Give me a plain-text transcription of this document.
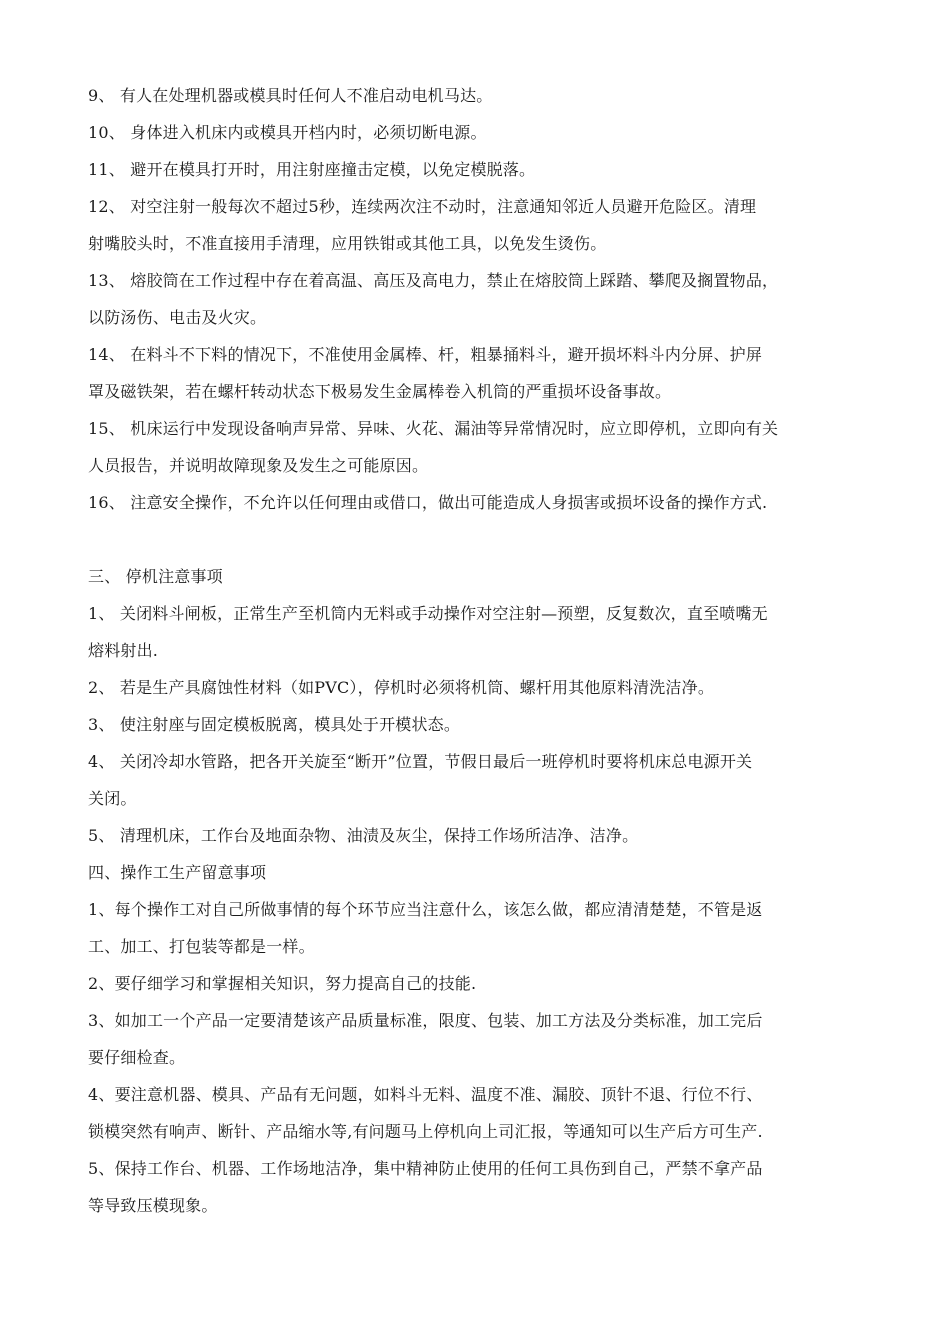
9、 有人在处理机器或模具时任何人不准启动电机马达。

10、 身体进入机床内或模具开档内时，必须切断电源。

11、 避开在模具打开时，用注射座撞击定模，以免定模脱落。

12、 对空注射一般每次不超过5秒，连续两次注不动时，注意通知邻近人员避开危险区。清理
射嘴胶头时，不准直接用手清理，应用铁钳或其他工具，以免发生烫伤。

13、 熔胶筒在工作过程中存在着高温、高压及高电力，禁止在熔胶筒上踩踏、攀爬及搁置物品，
以防汤伤、电击及火灾。

14、 在料斗不下料的情况下，不准使用金属棒、杆，粗暴捅料斗，避开损坏料斗内分屏、护屏
罩及磁铁架，若在螺杆转动状态下极易发生金属棒卷入机筒的严重损坏设备事故。

15、 机床运行中发现设备响声异常、异味、火花、漏油等异常情况时，应立即停机，立即向有关
人员报告，并说明故障现象及发生之可能原因。

16、 注意安全操作，不允许以任何理由或借口，做出可能造成人身损害或损坏设备的操作方式.

三、 停机注意事项

1、 关闭料斗闸板，正常生产至机筒内无料或手动操作对空注射—预塑，反复数次，直至喷嘴无
熔料射出.

2、 若是生产具腐蚀性材料（如PVC），停机时必须将机筒、螺杆用其他原料清洗洁净。

3、 使注射座与固定模板脱离，模具处于开模状态。

4、 关闭冷却水管路，把各开关旋至“断开”位置，节假日最后一班停机时要将机床总电源开关
关闭。

5、 清理机床，工作台及地面杂物、油渍及灰尘，保持工作场所洁净、洁净。

四、操作工生产留意事项

1、每个操作工对自己所做事情的每个环节应当注意什么，该怎么做，都应清清楚楚，不管是返
工、加工、打包装等都是一样。

2、要仔细学习和掌握相关知识，努力提高自己的技能.

3、如加工一个产品一定要清楚该产品质量标准，限度、包装、加工方法及分类标准，加工完后
要仔细检查。

4、要注意机器、模具、产品有无问题，如料斗无料、温度不准、漏胶、顶针不退、行位不行、
锁模突然有响声、断针、产品缩水等,有问题马上停机向上司汇报，等通知可以生产后方可生产.

5、保持工作台、机器、工作场地洁净，集中精神防止使用的任何工具伤到自己，严禁不拿产品
等导致压模现象。
